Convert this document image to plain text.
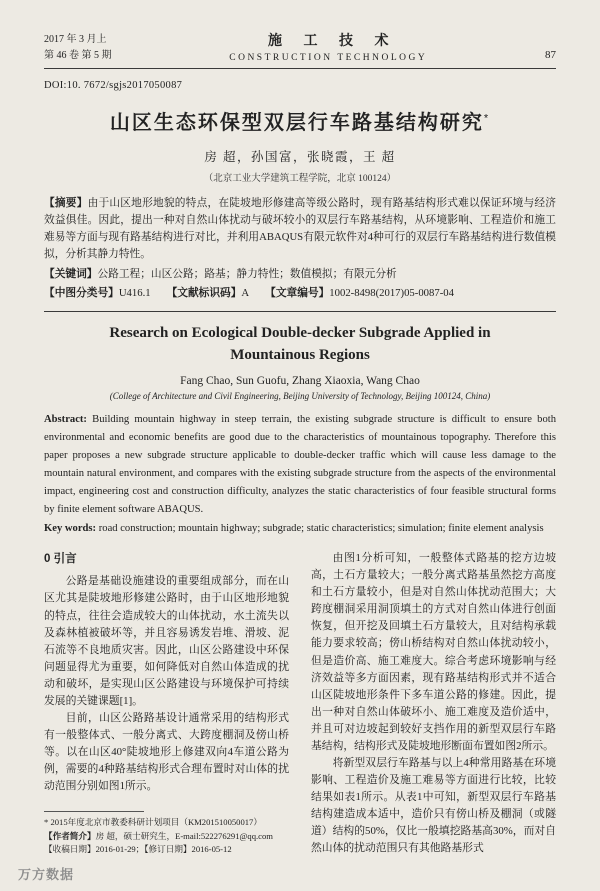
2017 年 3 月上
第 46 卷 第 5 期
施 工 技 术
CONSTRUCTION TECHNOLOGY	87
DOI:10. 7672/sgjs2017050087
山区生态环保型双层行车路基结构研究*
房 超，孙国富，张晓霞，王 超
（北京工业大学建筑工程学院，北京 100124）
【摘要】由于山区地形地貌的特点，在陡坡地形修建高等级公路时，现有路基结构形式难以保证环境与经济效益俱佳。因此，提出一种对自然山体扰动与破坏较小的双层行车路基结构，从环境影响、工程造价和施工难易等方面与现有路基结构进行对比，并利用ABAQUS有限元软件对4种可行的双层行车路基结构进行数值模拟，分析其静力特性。
【关键词】公路工程；山区公路；路基；静力特性；数值模拟；有限元分析
【中图分类号】U416.1 【文献标识码】A 【文章编号】1002-8498(2017)05-0087-04
Research on Ecological Double-decker Subgrade Applied in
Mountainous Regions
Fang Chao, Sun Guofu, Zhang Xiaoxia, Wang Chao
(College of Architecture and Civil Engineering, Beijing University of Technology, Beijing 100124, China)
Abstract: Building mountain highway in steep terrain, the existing subgrade structure is difficult to ensure both environmental and economic benefits are good due to the characteristics of mountainous topography. Therefore this paper proposes a new subgrade structure applicable to double-decker traffic which will cause less damage to the mountain natural environment, and compares with the existing subgrade structure from the aspects of the environmental impact, engineering cost and construction difficulty, analyzes the static characteristics of four feasible structural forms by finite element software ABAQUS.
Key words: road construction; mountain highway; subgrade; static characteristics; simulation; finite element analysis
0 引言

公路是基础设施建设的重要组成部分，而在山区尤其是陡坡地形修建公路时，由于山区地形地貌的特点，往往会造成较大的山体扰动，水土流失以及森林植被破坏等，并且容易诱发岩堆、滑坡、泥石流等不良地质灾害。因此，山区公路建设中环保问题显得尤为重要，如何降低对自然山体造成的扰动和破坏，是实现山区公路建设与环境保护可持续发展的关键课题[1]。

目前，山区公路路基设计通常采用的结构形式有一般整体式、一般分离式、大跨度棚洞及傍山桥等。以在山区40°陡坡地形上修建双向4车道公路为例，需要的4种路基结构形式合理布置时对山体的扰动范围分别如图1所示。

* 2015年度北京市教委科研计划项目（KM201510050017）
【作者简介】房 超，硕士研究生，E-mail:522276291@qq.com
【收稿日期】2016-01-29；【修订日期】2016-05-12

由图1分析可知，一般整体式路基的挖方边坡高，土石方量较大；一般分离式路基虽然挖方高度和土石方量较小，但是对自然山体扰动范围大；大跨度棚洞采用洞顶填土的方式对自然山体进行创面恢复，但开挖及回填土石方量较大，且对结构承载能力要求较高；傍山桥结构对自然山体扰动较小，但是造价高、施工难度大。综合考虑环境影响与经济效益等多方面因素，现有路基结构形式并不适合山区陡坡地形条件下多车道公路的修建。因此，提出一种对自然山体破坏小、施工难度及造价适中，并且可对边坡起到较好支挡作用的新型双层行车路基结构，结构形式及陡坡地形断面布置如图2所示。

将新型双层行车路基与以上4种常用路基在环境影响、工程造价及施工难易等方面进行比较，比较结果如表1所示。从表1中可知，新型双层行车路基结构建造成本适中，造价只有傍山桥及棚洞（或隧道）结构的50%，仅比一般填挖路基高30%，而对自然山体的扰动范围只有其他路基形式

万方数据
